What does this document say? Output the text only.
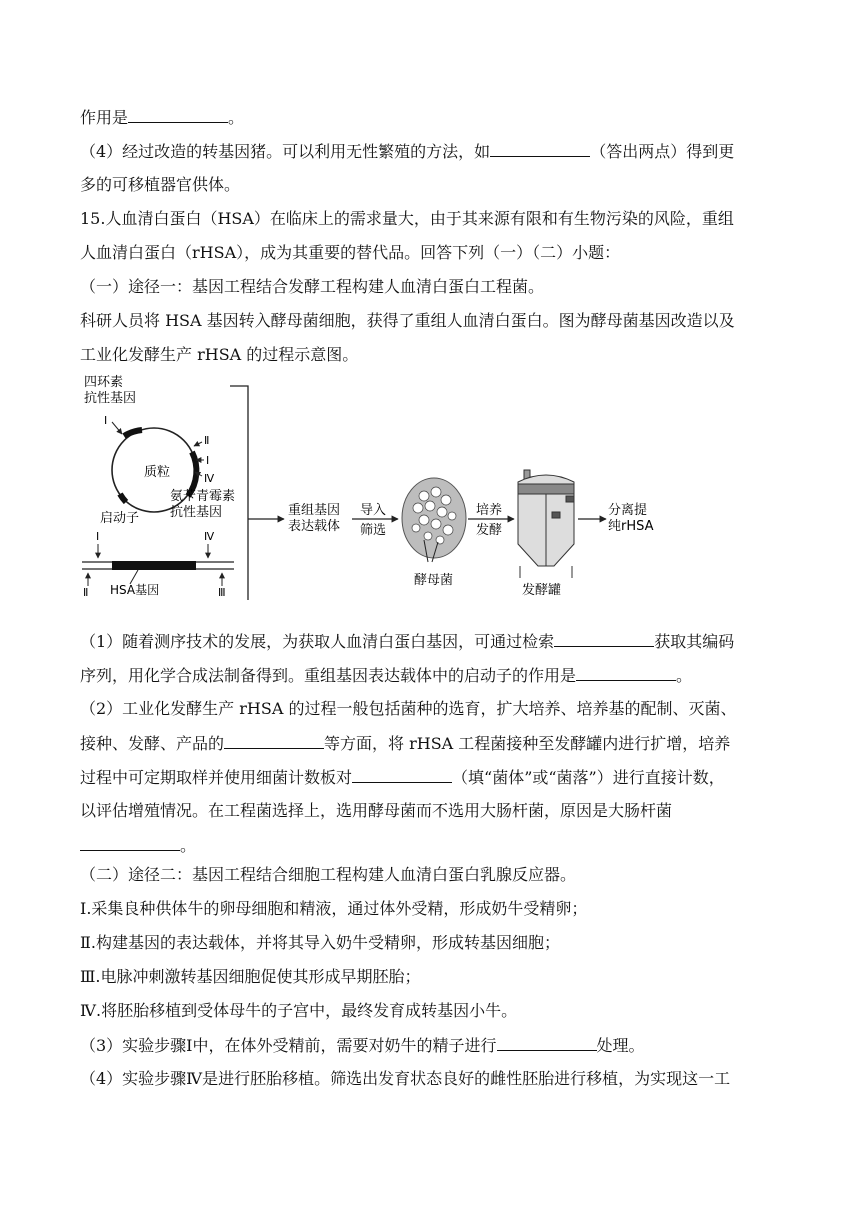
作用是	。
（4）经过改造的转基因猪。可以利用无性繁殖的方法，如	（答出两点）得到更
多的可移植器官供体。
15.人血清白蛋白（HSA）在临床上的需求量大，由于其来源有限和有生物污染的风险，重组
人血清白蛋白（rHSA），成为其重要的替代品。回答下列（一）（二）小题：
（一）途径一：基因工程结合发酵工程构建人血清白蛋白工程菌。
科研人员将 HSA 基因转入酵母菌细胞，获得了重组人血清白蛋白。图为酵母菌基因改造以及
工业化发酵生产 rHSA 的过程示意图。
四环素
抗性基因
质粒
Ⅰ
Ⅱ
Ⅰ
Ⅳ
启动子
氨苄青霉素
抗性基因
Ⅰ	Ⅳ
Ⅱ	Ⅲ
HSA基因
重组基因
表达载体
导入
筛选
酵母菌
培养
发酵
发酵罐
分离提
纯rHSA
（1）随着测序技术的发展，为获取人血清白蛋白基因，可通过检索	获取其编码
序列，用化学合成法制备得到。重组基因表达载体中的启动子的作用是	。
（2）工业化发酵生产 rHSA 的过程一般包括菌种的选育，扩大培养、培养基的配制、灭菌、
接种、发酵、产品的	等方面，将 rHSA 工程菌接种至发酵罐内进行扩增，培养
过程中可定期取样并使用细菌计数板对	（填“菌体”或“菌落”）进行直接计数，
以评估增殖情况。在工程菌选择上，选用酵母菌而不选用大肠杆菌，原因是大肠杆菌
。
（二）途径二：基因工程结合细胞工程构建人血清白蛋白乳腺反应器。
Ⅰ.采集良种供体牛的卵母细胞和精液，通过体外受精，形成奶牛受精卵；
Ⅱ.构建基因的表达载体，并将其导入奶牛受精卵，形成转基因细胞；
Ⅲ.电脉冲刺激转基因细胞促使其形成早期胚胎；
Ⅳ.将胚胎移植到受体母牛的子宫中，最终发育成转基因小牛。
（3）实验步骤Ⅰ中，在体外受精前，需要对奶牛的精子进行	处理。
（4）实验步骤Ⅳ是进行胚胎移植。筛选出发育状态良好的雌性胚胎进行移植，为实现这一工
